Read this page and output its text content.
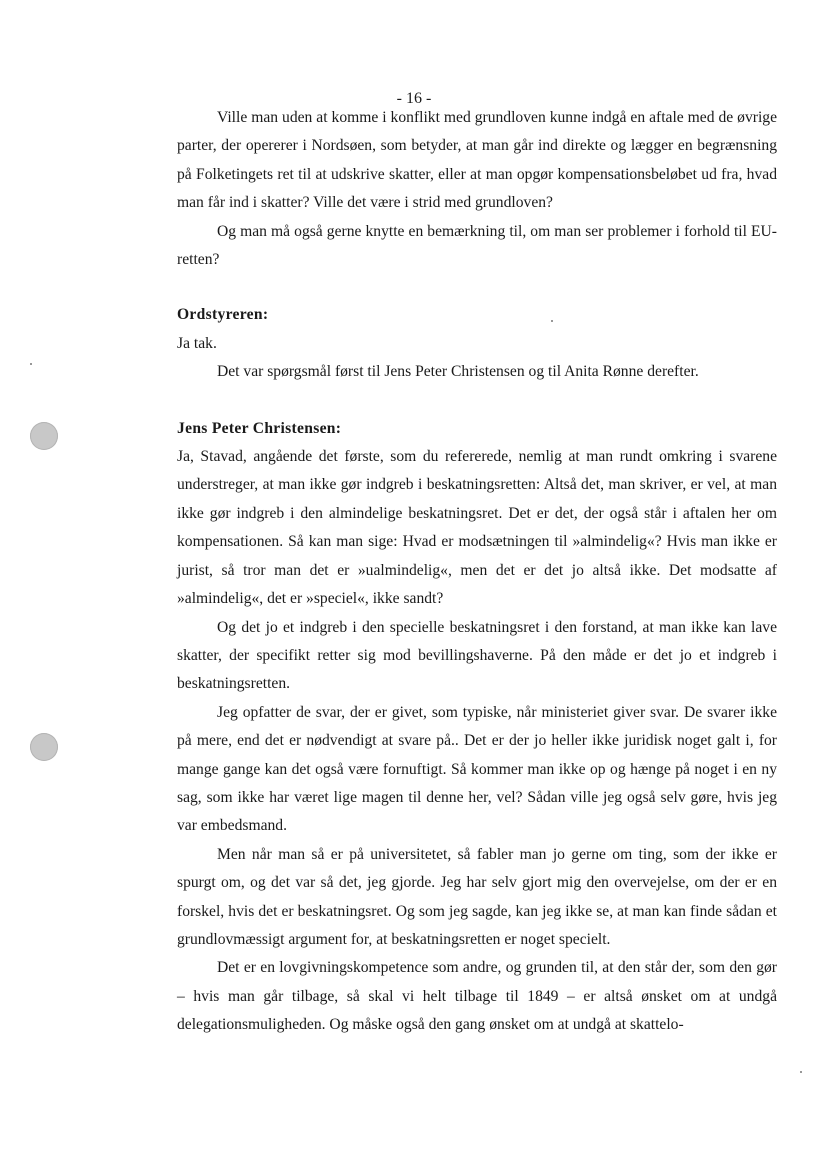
- 16 -

Ville man uden at komme i konflikt med grundloven kunne indgå en aftale med de øvrige parter, der opererer i Nordsøen, som betyder, at man går ind direkte og lægger en begrænsning på Folketingets ret til at udskrive skatter, eller at man opgør kompensationsbeløbet ud fra, hvad man får ind i skatter? Ville det være i strid med grundloven?

Og man må også gerne knytte en bemærkning til, om man ser problemer i forhold til EU-retten?

Ordstyreren:

Ja tak.

Det var spørgsmål først til Jens Peter Christensen og til Anita Rønne derefter.

Jens Peter Christensen:

Ja, Stavad, angående det første, som du refererede, nemlig at man rundt omkring i svarene understreger, at man ikke gør indgreb i beskatningsretten: Altså det, man skriver, er vel, at man ikke gør indgreb i den almindelige beskatningsret. Det er det, der også står i aftalen her om kompensationen. Så kan man sige: Hvad er modsætningen til »almindelig«? Hvis man ikke er jurist, så tror man det er »ualmindelig«, men det er det jo altså ikke. Det modsatte af »almindelig«, det er »speciel«, ikke sandt?

Og det jo et indgreb i den specielle beskatningsret i den forstand, at man ikke kan lave skatter, der specifikt retter sig mod bevillingshaverne. På den måde er det jo et indgreb i beskatningsretten.

Jeg opfatter de svar, der er givet, som typiske, når ministeriet giver svar. De svarer ikke på mere, end det er nødvendigt at svare på.. Det er der jo heller ikke juridisk noget galt i, for mange gange kan det også være fornuftigt. Så kommer man ikke op og hænge på noget i en ny sag, som ikke har været lige magen til denne her, vel? Sådan ville jeg også selv gøre, hvis jeg var embedsmand.

Men når man så er på universitetet, så fabler man jo gerne om ting, som der ikke er spurgt om, og det var så det, jeg gjorde. Jeg har selv gjort mig den overvejelse, om der er en forskel, hvis det er beskatningsret. Og som jeg sagde, kan jeg ikke se, at man kan finde sådan et grundlovmæssigt argument for, at beskatningsretten er noget specielt.

Det er en lovgivningskompetence som andre, og grunden til, at den står der, som den gør – hvis man går tilbage, så skal vi helt tilbage til 1849 – er altså ønsket om at undgå delegationsmuligheden. Og måske også den gang ønsket om at undgå at skattelo-
